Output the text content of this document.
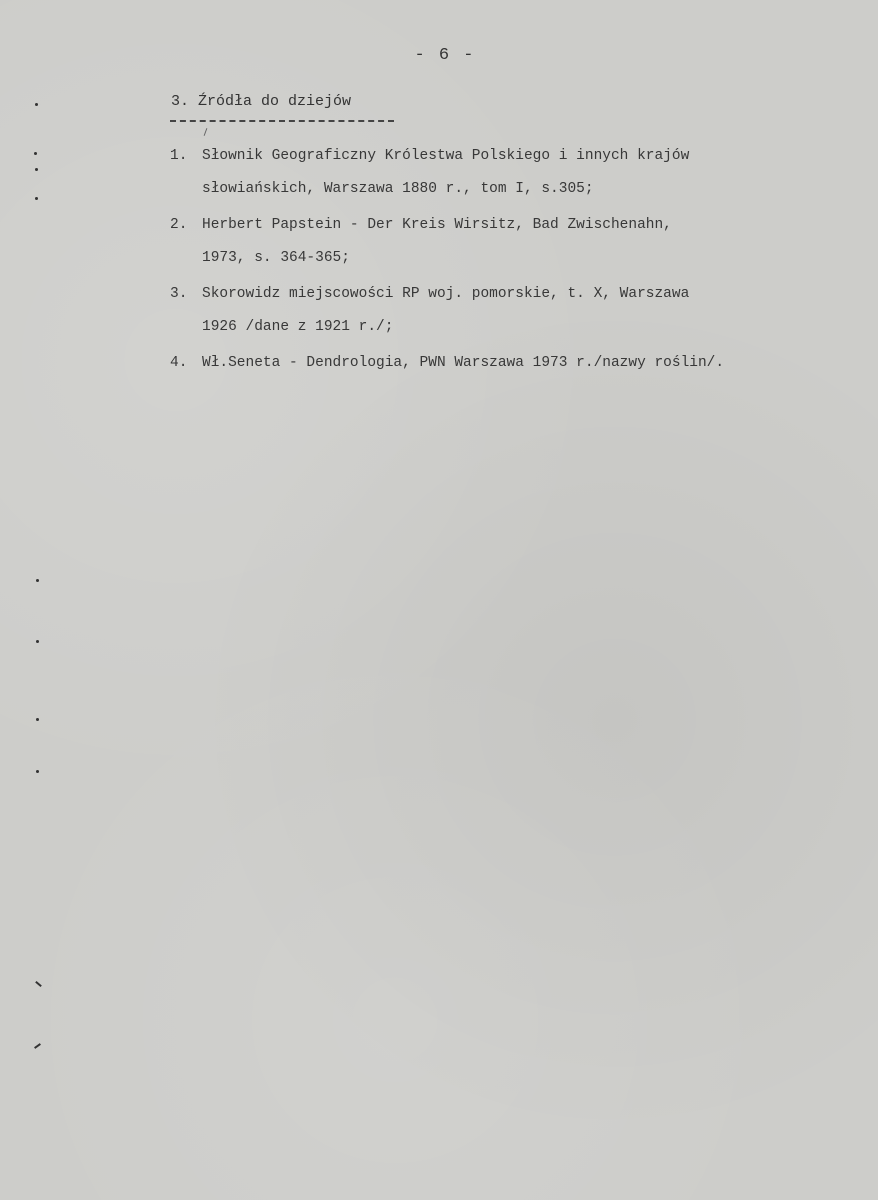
- 6 -
3. Źródła do dziejów
1. Słownik Geograficzny Królestwa Polskiego i innych krajów
słowiańskich, Warszawa 1880 r., tom I, s.305;
2. Herbert Papstein - Der Kreis Wirsitz, Bad Zwischenahn,
1973, s. 364-365;
3. Skorowidz miejscowości RP woj. pomorskie, t. X, Warszawa
1926 /dane z 1921 r./;
4. Wł.Seneta - Dendrologia, PWN Warszawa 1973 r./nazwy roślin/.
